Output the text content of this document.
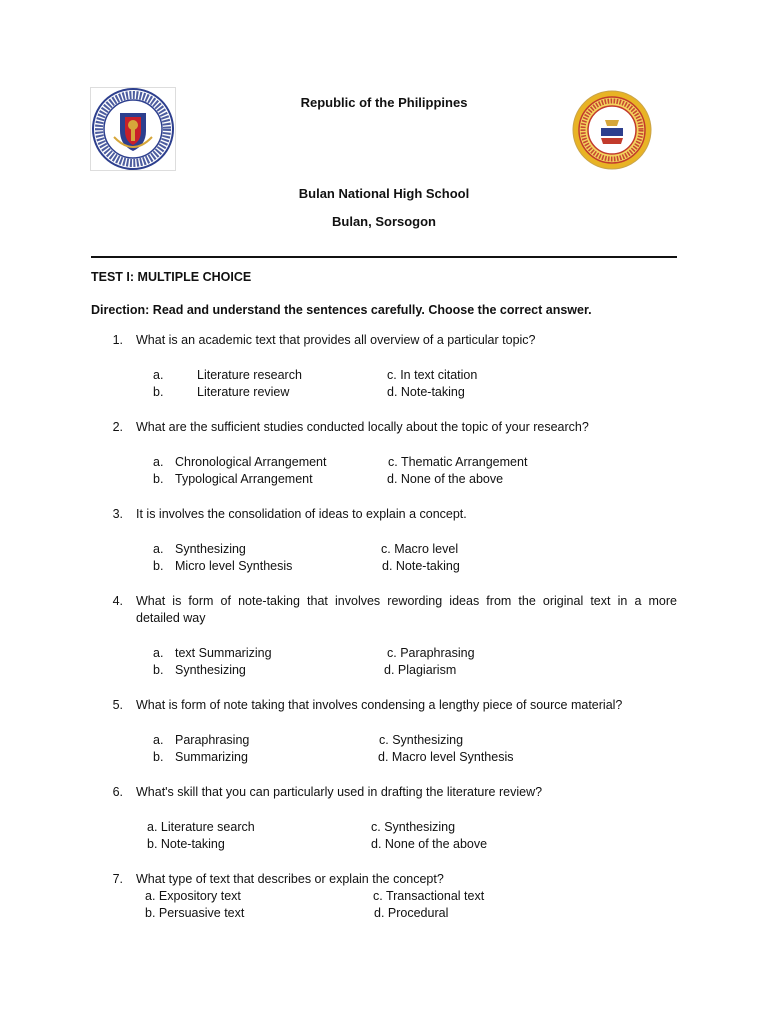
Republic of the Philippines
Bulan National High School
Bulan, Sorsogon
TEST I: MULTIPLE CHOICE
Direction: Read and understand the sentences carefully. Choose the correct answer.
1. What is an academic text that provides all overview of a particular topic?
a.	Literature research
b.	Literature review
c. In text citation
d. Note-taking
2. What are the sufficient studies conducted locally about the topic of your research?
a. Chronological Arrangement
b. Typological Arrangement
c. Thematic Arrangement
d. None of the above
3. It is involves the consolidation of ideas to explain a concept.
a. Synthesizing
b. Micro level Synthesis
c. Macro level
d. Note-taking
4. What is form of note-taking that involves rewording ideas from the original text in a more
detailed way
a. text Summarizing
b. Synthesizing
c. Paraphrasing
d. Plagiarism
5. What is form of note taking that involves condensing a lengthy piece of source material?
a. Paraphrasing
b. Summarizing
c. Synthesizing
d. Macro level Synthesis
6. What's skill that you can particularly used in drafting the literature review?
a. Literature search
b. Note-taking
c. Synthesizing
d. None of the above
7. What type of text that describes or explain the concept?
a. Expository text
b. Persuasive text
c. Transactional text
d. Procedural
